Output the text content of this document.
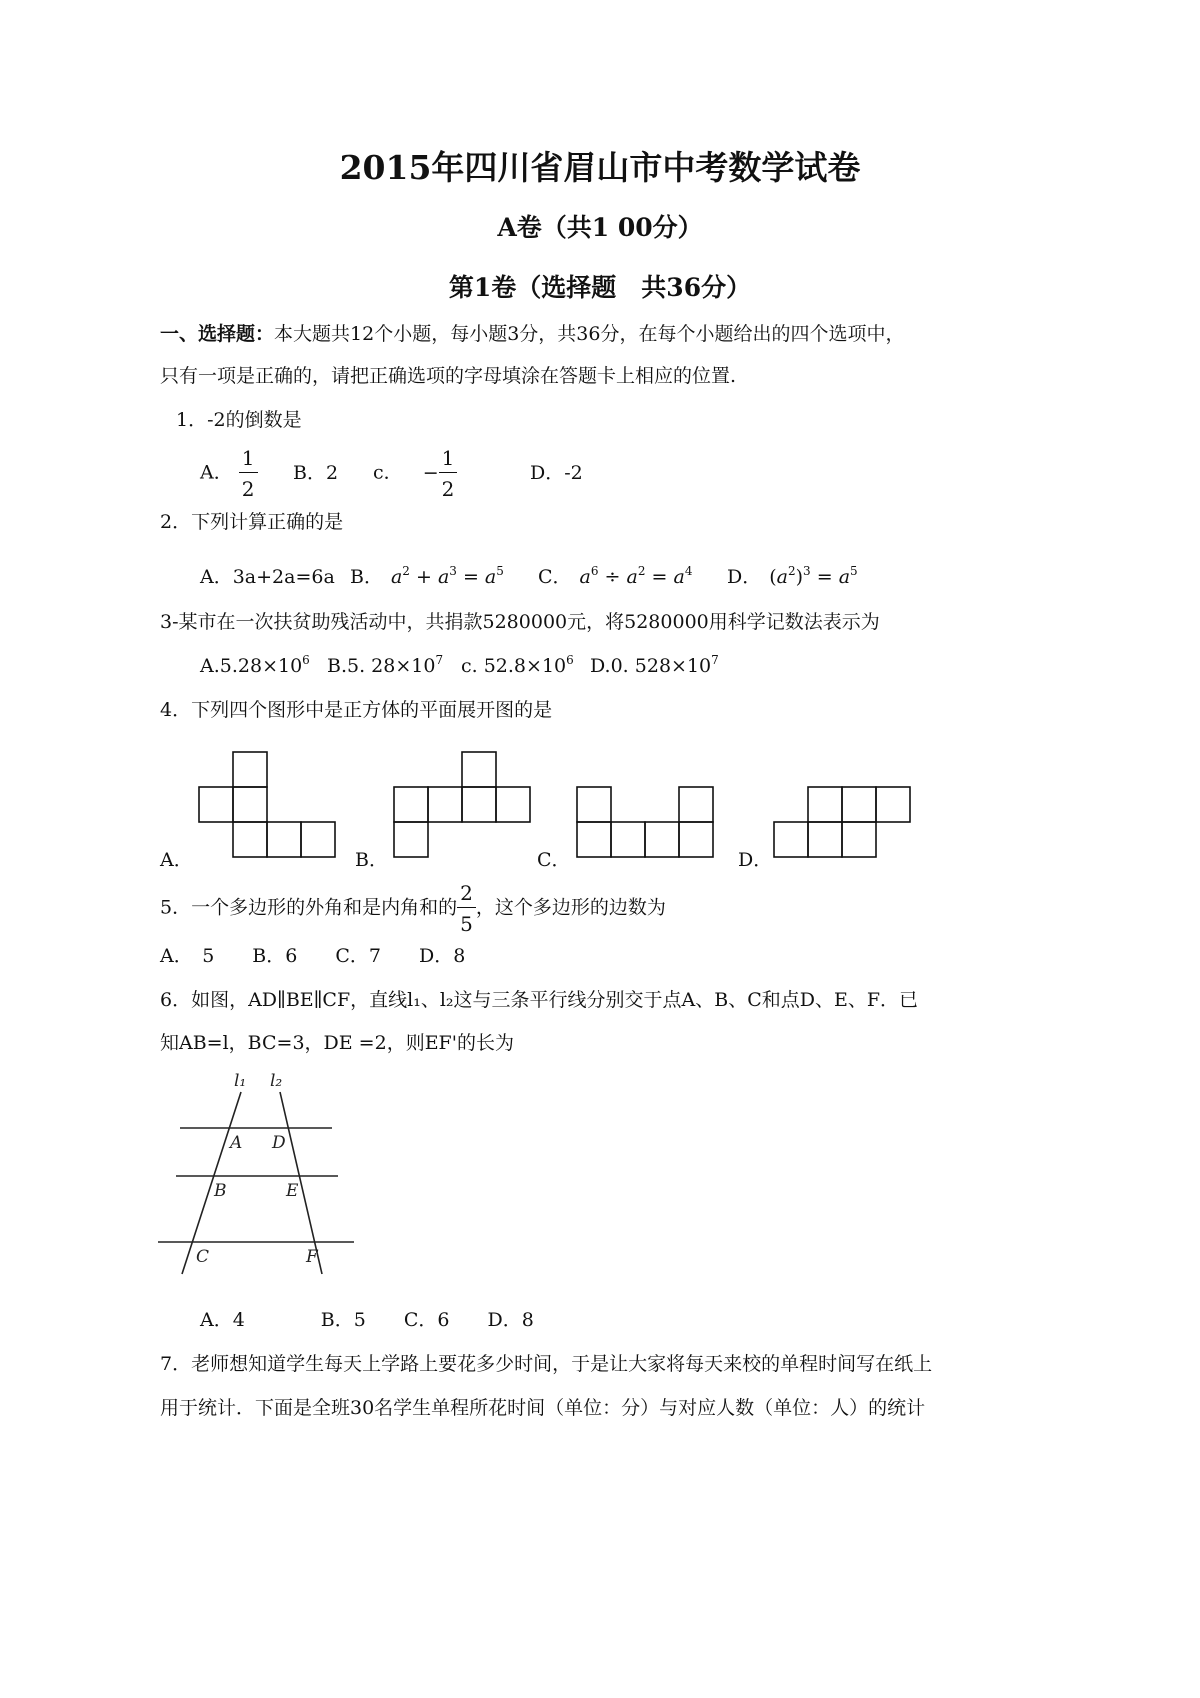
2015年四川省眉山市中考数学试卷
A卷（共1 00分）
第1卷（选择题　共36分）
一、选择题：本大题共12个小题，每小题3分，共36分，在每个小题给出的四个选项中，
只有一项是正确的，请把正确选项的字母填涂在答题卡上相应的位置.
1．-2的倒数是
A． $\frac{1}{2}$ B．2 c． − $\frac{1}{2}$	D．-2
2．下列计算正确的是
A．3a+2a=6a B． $a^2 + a^3 = a^5$ C． $a^6 \div a^2 = a^4$ D． $(a^2)^3 = a^5$
3-某市在一次扶贫助残活动中，共捐款5280000元，将5280000用科学记数法表示为
$A.5.28\times 10^6$ B.5. $28\times 10^7$ c. $52.8\times 10^6$ D.0. $528\times 10^7$
4．下列四个图形中是正方体的平面展开图的是
A．	B．	C．	D．
5．一个多边形的外角和是内角和的 $\frac{2}{5}$ ，这个多边形的边数为
A．　5　　B．6　　C．7　　D．8
6．如图，AD∥BE∥CF，直线l₁、l₂这与三条平行线分别交于点A、B、C和点D、E、F．已
知AB=l，BC=3，DE =2，则EF'的长为
l₁ l₂
A D
B	E
C	F
A．4　　　　B．5　　C．6　　D．8
7．老师想知道学生每天上学路上要花多少时间，于是让大家将每天来校的单程时间写在纸上
用于统计．下面是全班30名学生单程所花时间（单位：分）与对应人数（单位：人）的统计
